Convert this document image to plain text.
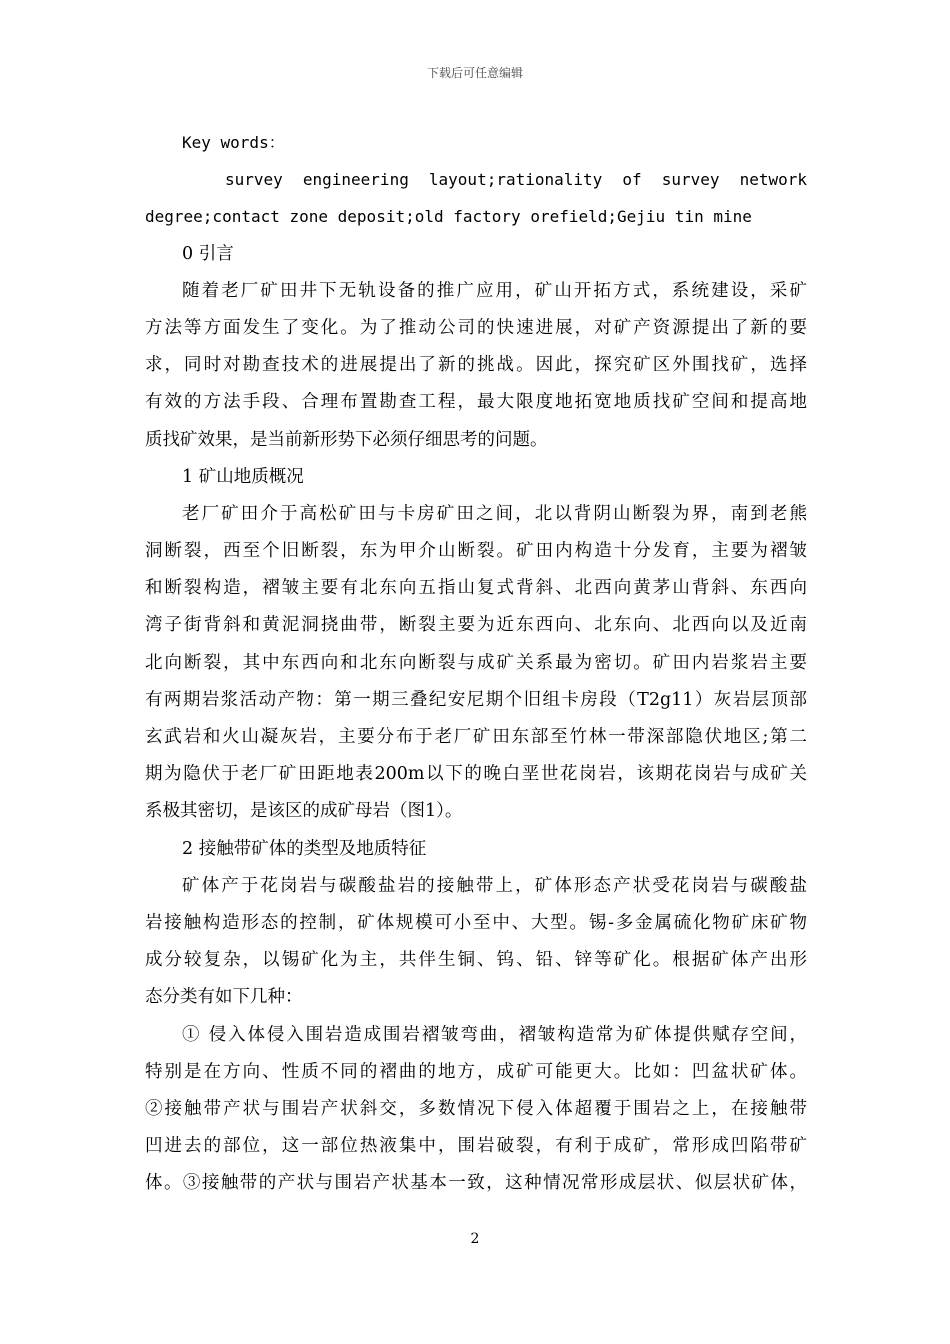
下载后可任意编辑
Key words：
survey engineering layout;rationality of survey network
degree;contact zone deposit;old factory orefield;Gejiu tin mine
0 引言
随着老厂矿田井下无轨设备的推广应用，矿山开拓方式，系统建设，采矿
方法等方面发生了变化。为了推动公司的快速进展，对矿产资源提出了新的要
求，同时对勘查技术的进展提出了新的挑战。因此，探究矿区外围找矿，选择
有效的方法手段、合理布置勘查工程，最大限度地拓宽地质找矿空间和提高地
质找矿效果，是当前新形势下必须仔细思考的问题。
1 矿山地质概况
老厂矿田介于高松矿田与卡房矿田之间，北以背阴山断裂为界，南到老熊
洞断裂，西至个旧断裂，东为甲介山断裂。矿田内构造十分发育，主要为褶皱
和断裂构造，褶皱主要有北东向五指山复式背斜、北西向黄茅山背斜、东西向
湾子街背斜和黄泥洞挠曲带，断裂主要为近东西向、北东向、北西向以及近南
北向断裂，其中东西向和北东向断裂与成矿关系最为密切。矿田内岩浆岩主要
有两期岩浆活动产物：第一期三叠纪安尼期个旧组卡房段（T2g11）灰岩层顶部
玄武岩和火山凝灰岩，主要分布于老厂矿田东部至竹林一带深部隐伏地区;第二
期为隐伏于老厂矿田距地表200m以下的晚白垩世花岗岩，该期花岗岩与成矿关
系极其密切，是该区的成矿母岩（图1）。
2 接触带矿体的类型及地质特征
矿体产于花岗岩与碳酸盐岩的接触带上，矿体形态产状受花岗岩与碳酸盐
岩接触构造形态的控制，矿体规模可小至中、大型。锡-多金属硫化物矿床矿物
成分较复杂，以锡矿化为主，共伴生铜、钨、铅、锌等矿化。根据矿体产出形
态分类有如下几种：
① 侵入体侵入围岩造成围岩褶皱弯曲，褶皱构造常为矿体提供赋存空间，
特别是在方向、性质不同的褶曲的地方，成矿可能更大。比如：凹盆状矿体。
②接触带产状与围岩产状斜交，多数情况下侵入体超覆于围岩之上，在接触带
凹进去的部位，这一部位热液集中，围岩破裂，有利于成矿，常形成凹陷带矿
体。③接触带的产状与围岩产状基本一致，这种情况常形成层状、似层状矿体，
2
